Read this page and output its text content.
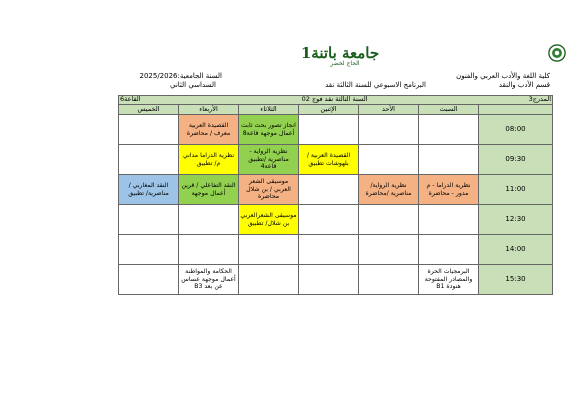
جامعة باتنة1
الحاج لخضر
كلية اللغة والأدب العربي والفنون
قسم الأدب والنقد
السنة الجامعية:2025/2026
السداسي الثاني	البرنامج الاسبوعي للسنة الثالثة نقد
المدرج3
القاعة6 السنة الثالثة نقد فوج 02						
	السبت	الأحد	الإثنين	الثلاثاء	الأربعاء	الخميس
08:00				انجاز تصور بحث ثابت أعمال موجهة قاعة8	القصيدة العربية معرف / محاضرة	
09:30			القصيدة العربية / بلهوشات تطبيق	نظرية الرواية - مناصرية /تطبيق قاعة4	نظرية الدراما مداني م/ تطبيق	
11:00	نظرية الدراما - م مدور - محاضرة	نظرية الرواية/ مناصرية /محاضرة		موسيقى الشعر العربي / بن شلال محاضرة	النقد التفاعلي / قرين أعمال موجهة	النقد المغاربي / مناصرية/ تطبيق
12:30				موسيقى الشعرالعربي بن شلال/ تطبيق		
14:00						
15:30	البرمجيات الحرة والمصادر المفتوحة هنودة B1				الحكامة والمواطنة أعمال موجهة عساس عن بعد B3	
